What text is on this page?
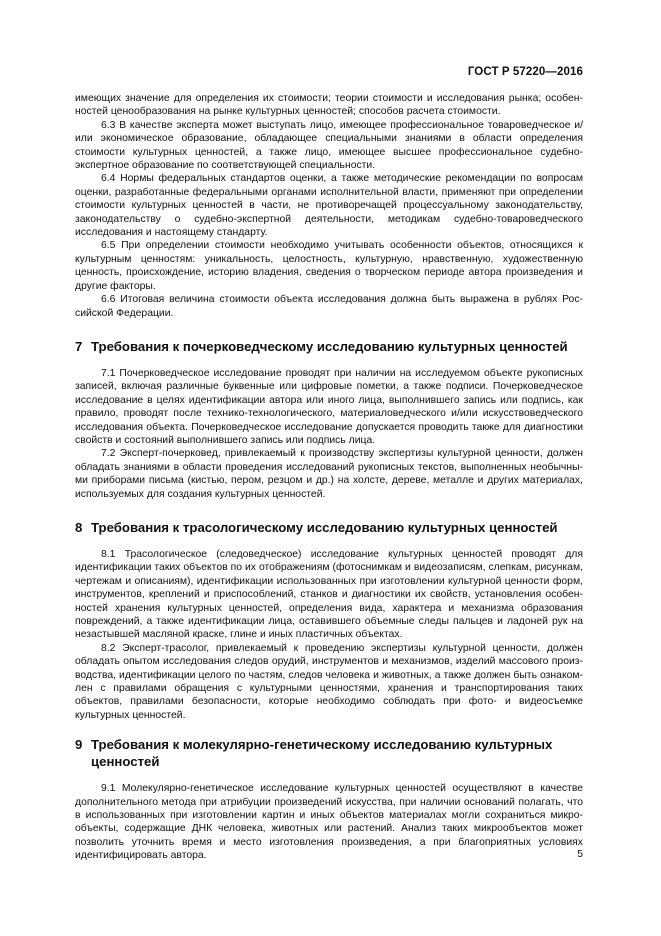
ГОСТ Р 57220—2016

имеющих значение для определения их стоимости; теории стоимости и исследования рынка; особен-ностей ценообразования на рынке культурных ценностей; способов расчета стоимости.

6.3 В качестве эксперта может выступать лицо, имеющее профессиональное товароведческое и/или экономическое образование, обладающее специальными знаниями в области определения стоимости культурных ценностей, а также лицо, имеющее высшее профессиональное судебно-экспертное образование по соответствующей специальности.

6.4 Нормы федеральных стандартов оценки, а также методические рекомендации по вопросам оценки, разработанные федеральными органами исполнительной власти, применяют при определении стоимости культурных ценностей в части, не противоречащей процессуальному законодательству, законодательству о судебно-экспертной деятельности, методикам судебно-товароведческого исследования и настоящему стандарту.

6.5 При определении стоимости необходимо учитывать особенности объектов, относящихся к культурным ценностям: уникальность, целостность, культурную, нравственную, художественную ценность, происхождение, историю владения, сведения о творческом периоде автора произведения и другие факторы.

6.6 Итоговая величина стоимости объекта исследования должна быть выражена в рублях Рос-сийской Федерации.

7 Требования к почерковедческому исследованию культурных ценностей

7.1 Почерковедческое исследование проводят при наличии на исследуемом объекте рукописных записей, включая различные буквенные или цифровые пометки, а также подписи. Почерковедческое исследование в целях идентификации автора или иного лица, выполнившего запись или подпись, как правило, проводят после технико-технологического, материаловедческого и/или искусствоведческого исследования объекта. Почерковедческое исследование допускается проводить также для диагностики свойств и состояний выполнившего запись или подпись лица.

7.2 Эксперт-почерковед, привлекаемый к производству экспертизы культурной ценности, должен обладать знаниями в области проведения исследований рукописных текстов, выполненных необычны-ми приборами письма (кистью, пером, резцом и др.) на холсте, дереве, металле и других материалах, используемых для создания культурных ценностей.

8 Требования к трасологическому исследованию культурных ценностей

8.1 Трасологическое (следоведческое) исследование культурных ценностей проводят для идентификации таких объектов по их отображениям (фотоснимкам и видеозаписям, слепкам, рисункам, чертежам и описаниям), идентификации использованных при изготовлении культурной ценности форм, инструментов, креплений и приспособлений, станков и диагностики их свойств, установления особен-ностей хранения культурных ценностей, определения вида, характера и механизма образования повреждений, а также идентификации лица, оставившего объемные следы пальцев и ладоней рук на незастывшей масляной краске, глине и иных пластичных объектах.

8.2 Эксперт-трасолог, привлекаемый к проведению экспертизы культурной ценности, должен обладать опытом исследования следов орудий, инструментов и механизмов, изделий массового произ-водства, идентификации целого по частям, следов человека и животных, а также должен быть ознаком-лен с правилами обращения с культурными ценностями, хранения и транспортирования таких объектов, правилами безопасности, которые необходимо соблюдать при фото- и видеосъемке культурных ценностей.

9 Требования к молекулярно-генетическому исследованию культурных
ценностей

9.1 Молекулярно-генетическое исследование культурных ценностей осуществляют в качестве дополнительного метода при атрибуции произведений искусства, при наличии оснований полагать, что в использованных при изготовлении картин и иных объектов материалах могли сохраниться микро-объекты, содержащие ДНК человека, животных или растений. Анализ таких микрообъектов может позволить уточнить время и место изготовления произведения, а при благоприятных условиях идентифицировать автора.	5
